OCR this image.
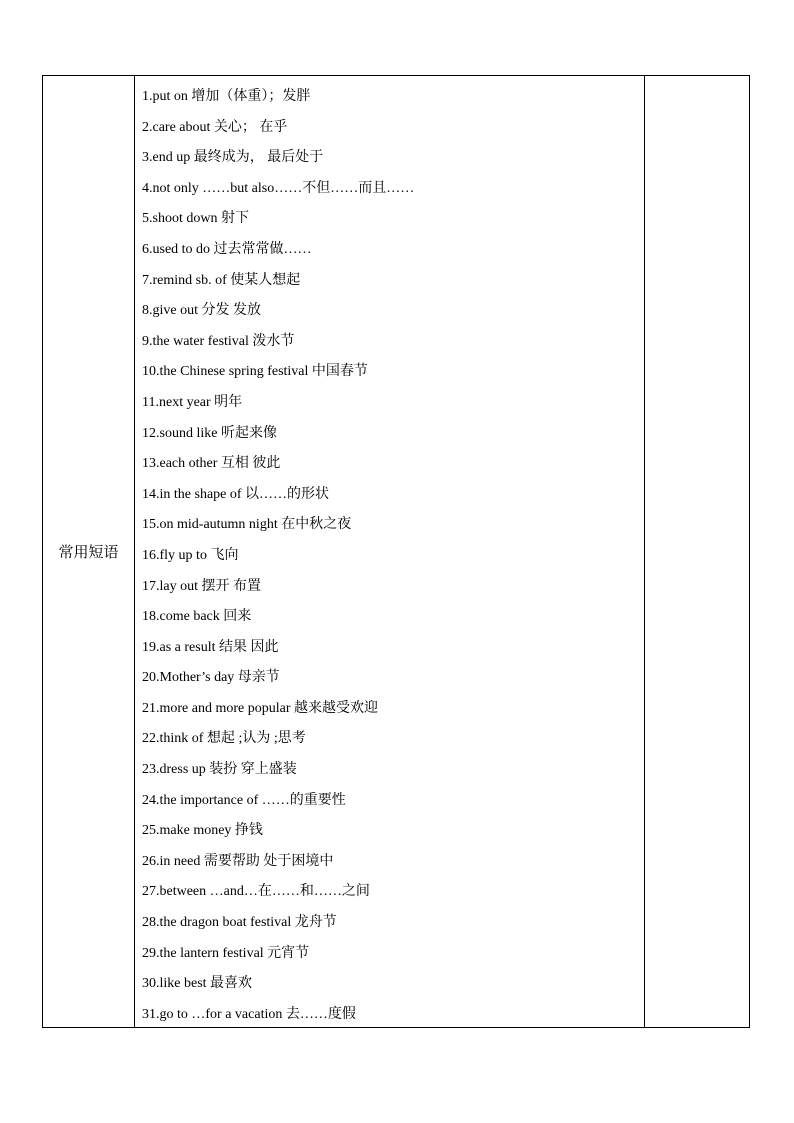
常用短语
1.put on 增加（体重）；发胖
2.care about 关心； 在乎
3.end up 最终成为， 最后处于
4.not only ……but also……不但……而且……
5.shoot down 射下
6.used to do 过去常常做……
7.remind sb. of 使某人想起
8.give out 分发 发放
9.the water festival 泼水节
10.the Chinese spring festival 中国春节
11.next year 明年
12.sound like 听起来像
13.each other 互相 彼此
14.in the shape of 以……的形状
15.on mid-autumn night 在中秋之夜
16.fly up to 飞向
17.lay out 摆开 布置
18.come back 回来
19.as a result 结果 因此
20.Mother’s day 母亲节
21.more and more popular 越来越受欢迎
22.think of 想起 ;认为 ;思考
23.dress up 装扮 穿上盛装
24.the importance of ……的重要性
25.make money 挣钱
26.in need 需要帮助 处于困境中
27.between …and…在……和……之间
28.the dragon boat festival 龙舟节
29.the lantern festival 元宵节
30.like best 最喜欢
31.go to …for a vacation 去……度假
